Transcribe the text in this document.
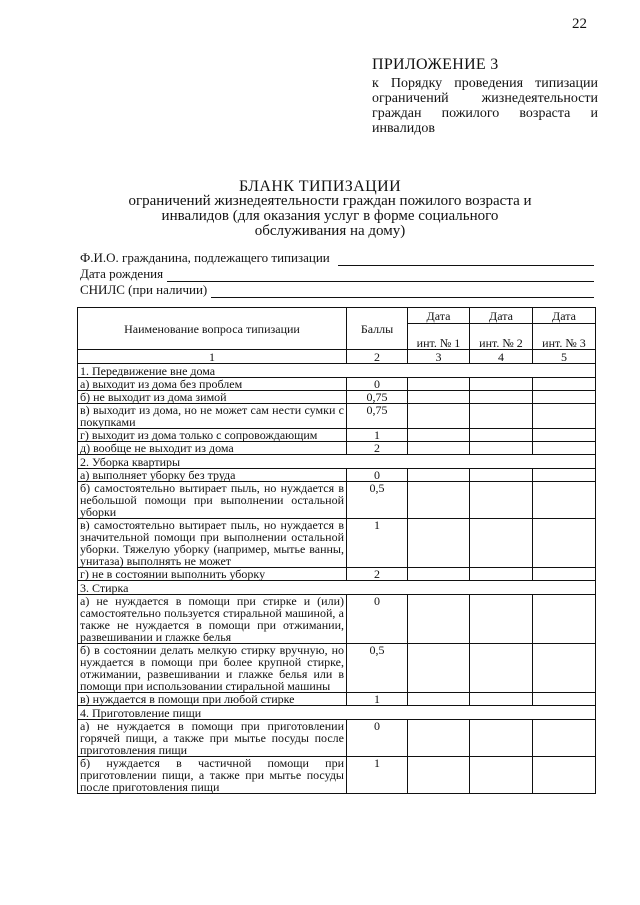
22
ПРИЛОЖЕНИЕ 3
к Порядку проведения типизации ограничений жизнедеятельности граждан пожилого возраста и инвалидов
БЛАНК ТИПИЗАЦИИ
ограничений жизнедеятельности граждан пожилого возраста и инвалидов (для оказания услуг в форме социального обслуживания на дому)
Ф.И.О. гражданина, подлежащего типизации
Дата рождения
СНИЛС (при наличии)
Наименование вопроса типизации	Баллы	Дата	Дата	Дата
		инт. № 1	инт. № 2	инт. № 3
1	2	3	4	5
1. Передвижение вне дома				
а) выходит из дома без проблем	0			
б) не выходит из дома зимой	0,75			
в) выходит из дома, но не может сам нести сумки с покупками	0,75			
г) выходит из дома только с сопровождающим	1			
д) вообще не выходит из дома	2			
2. Уборка квартиры				
а) выполняет уборку без труда	0			
б) самостоятельно вытирает пыль, но нуждается в небольшой помощи при выполнении остальной уборки	0,5			
в) самостоятельно вытирает пыль, но нуждается в значительной помощи при выполнении остальной уборки. Тяжелую уборку (например, мытье ванны, унитаза) выполнять не может	1			
г) не в состоянии выполнить уборку	2			
3. Стирка				
а) не нуждается в помощи при стирке и (или) самостоятельно пользуется стиральной машиной, а также не нуждается в помощи при отжимании, развешивании и глажке белья	0			
б) в состоянии делать мелкую стирку вручную, но нуждается в помощи при более крупной стирке, отжимании, развешивании и глажке белья или в помощи при использовании стиральной машины	0,5			
в) нуждается в помощи при любой стирке	1			
4. Приготовление пищи				
а) не нуждается в помощи при приготовлении горячей пищи, а также при мытье посуды после приготовления пищи	0			
б) нуждается в частичной помощи при приготовлении пищи, а также при мытье посуды после приготовления пищи	1			
